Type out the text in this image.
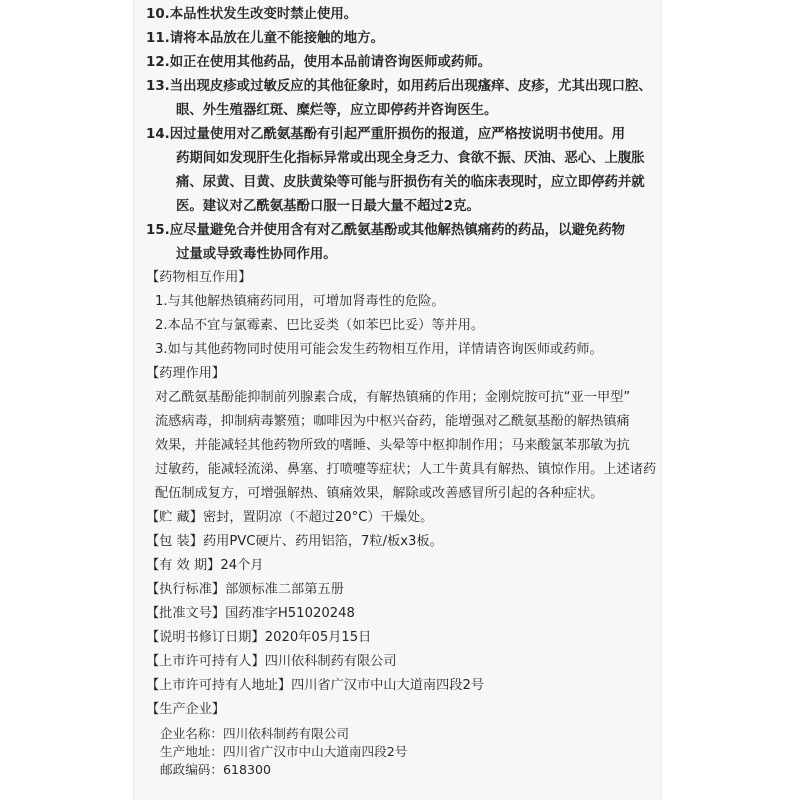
10.本品性状发生改变时禁止使用。
11.请将本品放在儿童不能接触的地方。
12.如正在使用其他药品，使用本品前请咨询医师或药师。
13.当出现皮疹或过敏反应的其他征象时，如用药后出现瘙痒、皮疹，尤其出现口腔、
眼、外生殖器红斑、糜烂等，应立即停药并咨询医生。
14.因过量使用对乙酰氨基酚有引起严重肝损伤的报道，应严格按说明书使用。用
药期间如发现肝生化指标异常或出现全身乏力、食欲不振、厌油、恶心、上腹胀
痛、尿黄、目黄、皮肤黄染等可能与肝损伤有关的临床表现时，应立即停药并就
医。建议对乙酰氨基酚口服一日最大量不超过2克。
15.应尽量避免合并使用含有对乙酰氨基酚或其他解热镇痛药的药品，以避免药物
过量或导致毒性协同作用。
【药物相互作用】
1.与其他解热镇痛药同用，可增加肾毒性的危险。
2.本品不宜与氯霉素、巴比妥类（如苯巴比妥）等并用。
3.如与其他药物同时使用可能会发生药物相互作用，详情请咨询医师或药师。
【药理作用】
对乙酰氨基酚能抑制前列腺素合成，有解热镇痛的作用；金刚烷胺可抗“亚一甲型”
流感病毒，抑制病毒繁殖；咖啡因为中枢兴奋药，能增强对乙酰氨基酚的解热镇痛
效果，并能减轻其他药物所致的嗜睡、头晕等中枢抑制作用；马来酸氯苯那敏为抗
过敏药，能减轻流涕、鼻塞、打喷嚏等症状；人工牛黄具有解热、镇惊作用。上述诸药
配伍制成复方，可增强解热、镇痛效果，解除或改善感冒所引起的各种症状。
【贮 藏】密封，置阴凉（不超过20°C）干燥处。
【包 装】药用PVC硬片、药用铝箔，7粒/板x3板。
【有 效 期】24个月
【执行标准】部颁标准二部第五册
【批准文号】国药准字H51020248
【说明书修订日期】2020年05月15日
【上市许可持有人】四川依科制药有限公司
【上市许可持有人地址】四川省广汉市中山大道南四段2号
【生产企业】
企业名称：四川依科制药有限公司
生产地址：四川省广汉市中山大道南四段2号
邮政编码：618300
